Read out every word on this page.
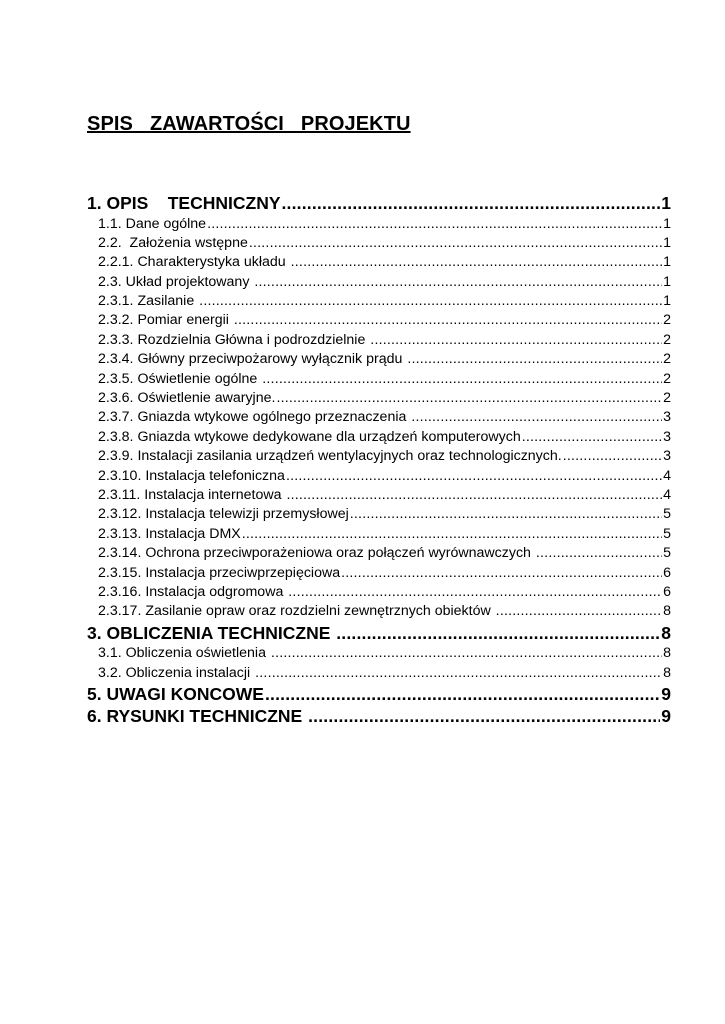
SPIS   ZAWARTOŚCI   PROJEKTU
1. OPIS    TECHNICZNY .....	1
1.1. Dane ogólne .....	1
2.2.  Założenia wstępne .....	1
2.2.1. Charakterystyka układu .....	1
2.3. Układ projektowany .....	1
2.3.1. Zasilanie .....	1
2.3.2. Pomiar energii .....	2
2.3.3. Rozdzielnia Główna i podrozdzielnie .....	2
2.3.4. Główny przeciwpożarowy wyłącznik prądu .....	2
2.3.5. Oświetlenie ogólne .....	2
2.3.6. Oświetlenie awaryjne. .....	2
2.3.7. Gniazda wtykowe ogólnego przeznaczenia .....	3
2.3.8. Gniazda wtykowe dedykowane dla urządzeń komputerowych .....	3
2.3.9. Instalacji zasilania urządzeń wentylacyjnych oraz technologicznych. .....	3
2.3.10. Instalacja telefoniczna .....	4
2.3.11. Instalacja internetowa .....	4
2.3.12. Instalacja telewizji przemysłowej .....	5
2.3.13. Instalacja DMX .....	5
2.3.14. Ochrona przeciwporażeniowa oraz połączeń wyrównawczych .....	5
2.3.15. Instalacja przeciwprzepięciowa .....	6
2.3.16. Instalacja odgromowa .....	6
2.3.17. Zasilanie opraw oraz rozdzielni zewnętrznych obiektów .....	8
3. OBLICZENIA TECHNICZNE .....	8
3.1. Obliczenia oświetlenia .....	8
3.2. Obliczenia instalacji .....	8
5. UWAGI KONCOWE .....	9
6. RYSUNKI TECHNICZNE .....	9
